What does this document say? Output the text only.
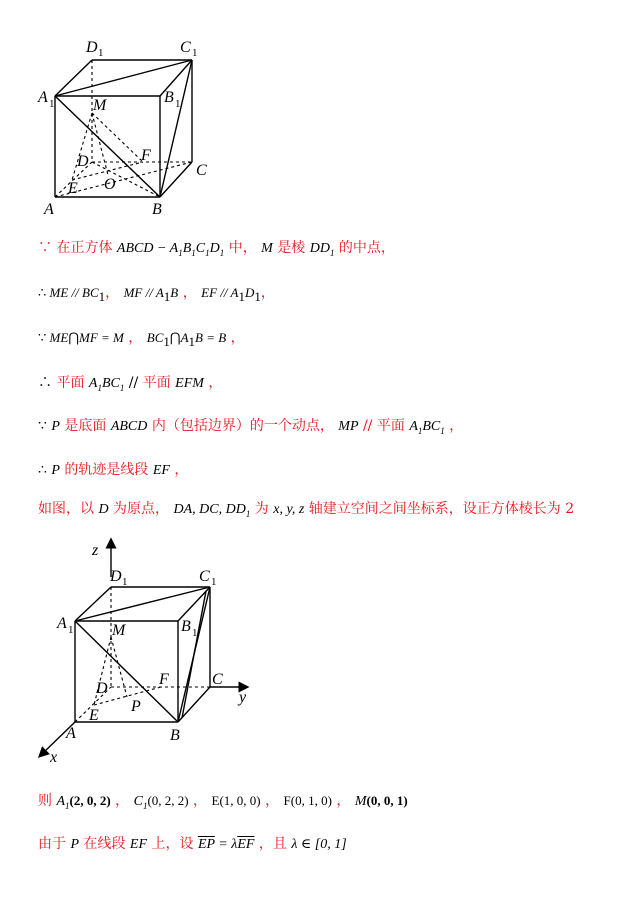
D 1	C 1
A 1	B 1
M
D	F
C
O
E
A	B
∵ 在正方体 ABCD − $A_1B_1C_1D_1$ 中， M 是棱 $DD_1$ 的中点，
∴ ME // $BC_1$， MF // $A_1B$ ， EF // $A_1D_1$，
∵ ME⋂MF = M ， $BC_1⋂A_1B = B$ ，
∴ 平面 $A_1BC_1$ // 平面 EFM ，
∵ P 是底面 ABCD 内（包括边界）的一个动点， MP // 平面 $A_1BC_1$ ，
∴ P 的轨迹是线段 EF ，
如图，以 D 为原点， DA, DC, $DD_1$ 为 x, y, z 轴建立空间之间坐标系，设正方体棱长为 2
z
D 1	C 1
A 1	B 1
M
D
F	C
y
E
P
A	B
x
则 $A_1(2$, 0, 2) ， $C_1(0$, 2, 2) ， E(1, 0, 0) ， F(0, 1, 0) ， M(0, 0, 1)
由于 P 在线段 EF 上，设 $\overline{EP} = \lambda\overline{EF}$ ，且 λ ∈ [0, 1]
